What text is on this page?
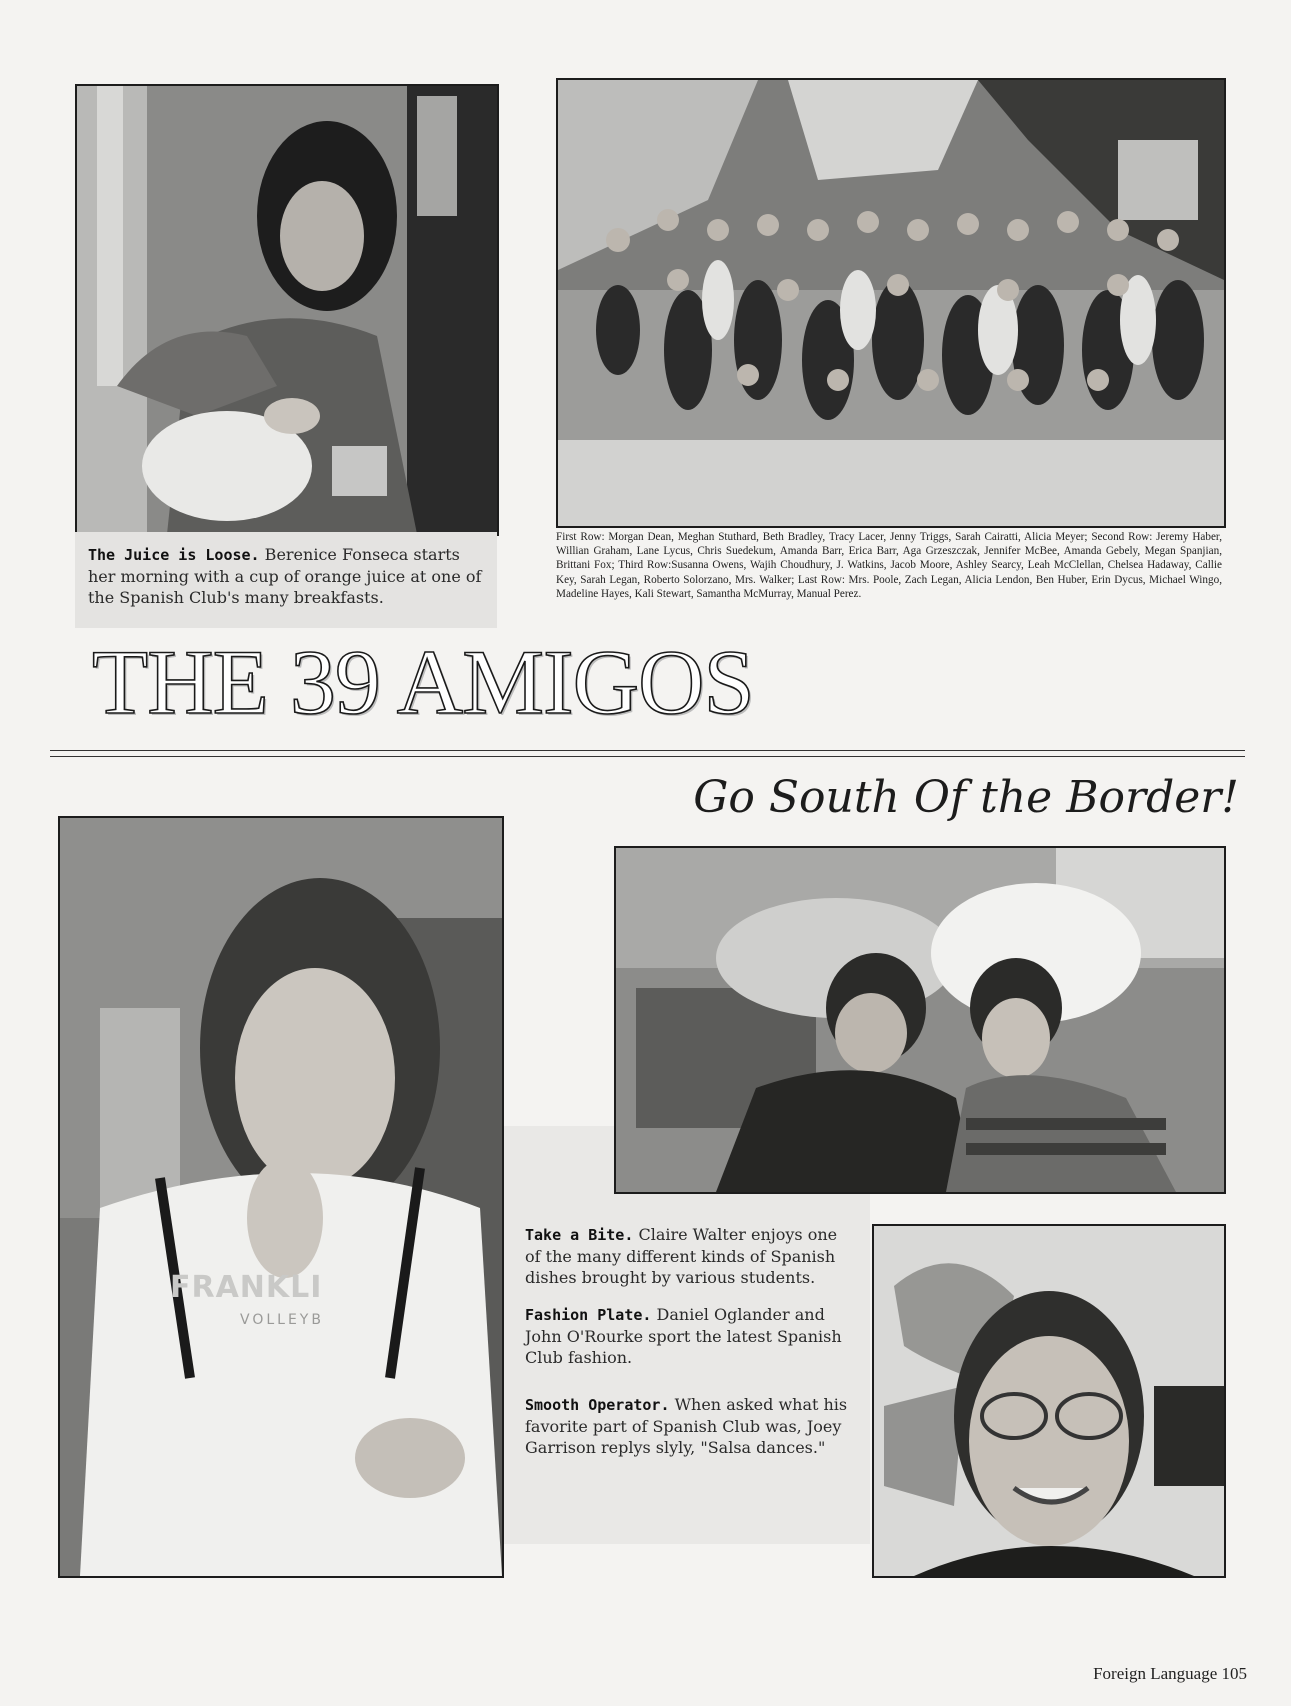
The Juice is Loose. Berenice Fonseca starts her morning with a cup of orange juice at one of the Spanish Club's many breakfasts.
First Row: Morgan Dean, Meghan Stuthard, Beth Bradley, Tracy Lacer, Jenny Triggs, Sarah Cairatti, Alicia Meyer; Second Row: Jeremy Haber, Willian Graham, Lane Lycus, Chris Suedekum, Amanda Barr, Erica Barr, Aga Grzeszczak, Jennifer McBee, Amanda Gebely, Megan Spanjian, Brittani Fox; Third Row:Susanna Owens, Wajih Choudhury, J. Watkins, Jacob Moore, Ashley Searcy, Leah McClellan, Chelsea Hadaway, Callie Key, Sarah Legan, Roberto Solorzano, Mrs. Walker; Last Row: Mrs. Poole, Zach Legan, Alicia Lendon, Ben Huber, Erin Dycus, Michael Wingo, Madeline Hayes, Kali Stewart, Samantha McMurray, Manual Perez.
THE 39 AMIGOS
Go South Of the Border!
FRANKLI
VOLLEYB
Take a Bite. Claire Walter enjoys one of the many different kinds of Spanish dishes brought by various students.
Fashion Plate. Daniel Oglander and John O'Rourke sport the latest Spanish Club fashion.
Smooth Operator. When asked what his favorite part of Spanish Club was, Joey Garrison replys slyly, "Salsa dances."
Foreign Language 105
